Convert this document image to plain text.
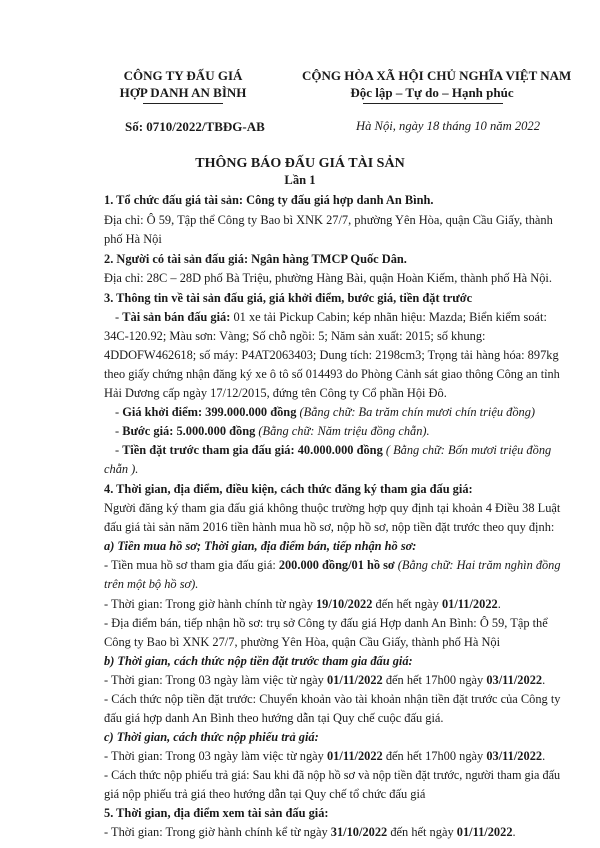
CÔNG TY ĐẤU GIÁ
HỢP DANH AN BÌNH
CỘNG HÒA XÃ HỘI CHỦ NGHĨA VIỆT NAM
Độc lập – Tự do – Hạnh phúc
Số: 0710/2022/TBĐG-AB	Hà Nội, ngày 18 tháng 10 năm 2022
THÔNG BÁO ĐẤU GIÁ TÀI SẢN
Lần 1
1. Tổ chức đấu giá tài sản: Công ty đấu giá hợp danh An Bình.
Địa chỉ: Ô 59, Tập thể Công ty Bao bì XNK 27/7, phường Yên Hòa, quận Cầu Giấy, thành
phố Hà Nội
2. Người có tài sản đấu giá: Ngân hàng TMCP Quốc Dân.
Địa chỉ: 28C – 28D phố Bà Triệu, phường Hàng Bài, quận Hoàn Kiếm, thành phố Hà Nội.
3. Thông tin về tài sản đấu giá, giá khởi điểm, bước giá, tiền đặt trước
- Tài sản bán đấu giá: 01 xe tải Pickup Cabin; kép nhãn hiệu: Mazda; Biển kiểm soát:
34C-120.92; Màu sơn: Vàng; Số chỗ ngồi: 5; Năm sản xuất: 2015; số khung:
4DDOFW462618; số máy: P4AT2063403; Dung tích: 2198cm3; Trọng tải hàng hóa: 897kg
theo giấy chứng nhận đăng ký xe ô tô số 014493 do Phòng Cảnh sát giao thông Công an tỉnh
Hải Dương cấp ngày 17/12/2015, đứng tên Công ty Cổ phần Hội Đô.
- Giá khởi điểm: 399.000.000 đồng (Bằng chữ: Ba trăm chín mươi chín triệu đồng)
- Bước giá: 5.000.000 đồng (Bằng chữ: Năm triệu đồng chẵn).
- Tiền đặt trước tham gia đấu giá: 40.000.000 đồng ( Bằng chữ: Bốn mươi triệu đồng
chẵn ).
4. Thời gian, địa điểm, điều kiện, cách thức đăng ký tham gia đấu giá:
Người đăng ký tham gia đấu giá không thuộc trường hợp quy định tại khoản 4 Điều 38 Luật
đấu giá tài sản năm 2016 tiền hành mua hồ sơ, nộp hồ sơ, nộp tiền đặt trước theo quy định:
a) Tiền mua hồ sơ; Thời gian, địa điểm bán, tiếp nhận hồ sơ:
- Tiền mua hồ sơ tham gia đấu giá: 200.000 đồng/01 hồ sơ (Bằng chữ: Hai trăm nghìn đồng
trên một bộ hồ sơ).
- Thời gian: Trong giờ hành chính từ ngày 19/10/2022 đến hết ngày 01/11/2022.
- Địa điểm bán, tiếp nhận hồ sơ: trụ sở Công ty đấu giá Hợp danh An Bình: Ô 59, Tập thể
Công ty Bao bì XNK 27/7, phường Yên Hòa, quận Cầu Giấy, thành phố Hà Nội
b) Thời gian, cách thức nộp tiền đặt trước tham gia đấu giá:
- Thời gian: Trong 03 ngày làm việc từ ngày 01/11/2022 đến hết 17h00 ngày 03/11/2022.
- Cách thức nộp tiền đặt trước: Chuyển khoản vào tài khoản nhận tiền đặt trước của Công ty
đấu giá hợp danh An Bình theo hướng dẫn tại Quy chế cuộc đấu giá.
c) Thời gian, cách thức nộp phiếu trả giá:
- Thời gian: Trong 03 ngày làm việc từ ngày 01/11/2022 đến hết 17h00 ngày 03/11/2022.
- Cách thức nộp phiếu trả giá: Sau khi đã nộp hồ sơ và nộp tiền đặt trước, người tham gia đấu
giá nộp phiếu trả giá theo hướng dẫn tại Quy chế tổ chức đấu giá
5. Thời gian, địa điểm xem tài sản đấu giá:
- Thời gian: Trong giờ hành chính kể từ ngày 31/10/2022 đến hết ngày 01/11/2022.
